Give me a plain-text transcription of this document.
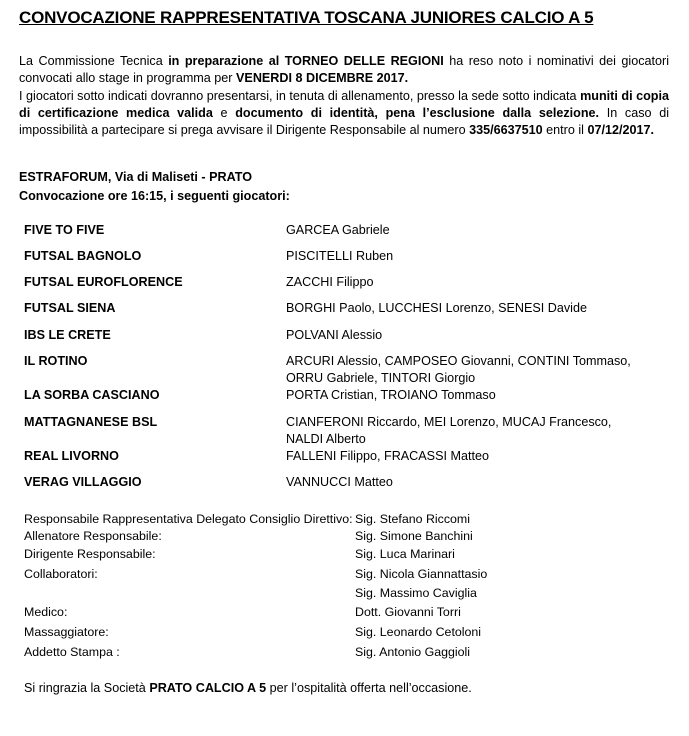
CONVOCAZIONE RAPPRESENTATIVA TOSCANA JUNIORES CALCIO A 5

La Commissione Tecnica in preparazione al TORNEO DELLE REGIONI ha reso noto i nominativi dei giocatori convocati allo stage in programma per VENERDI 8 DICEMBRE 2017.

I giocatori sotto indicati dovranno presentarsi, in tenuta di allenamento, presso la sede sotto indicata muniti di copia di certificazione medica valida e documento di identità, pena l’esclusione dalla selezione. In caso di impossibilità a partecipare si prega avvisare il Dirigente Responsabile al numero 335/6637510 entro il 07/12/2017.

ESTRAFORUM, Via di Maliseti - PRATO
Convocazione ore 16:15, i seguenti giocatori:
FIVE TO FIVE	GARCEA Gabriele
FUTSAL BAGNOLO	PISCITELLI Ruben
FUTSAL EUROFLORENCE	ZACCHI Filippo
FUTSAL SIENA	BORGHI Paolo, LUCCHESI Lorenzo, SENESI Davide
IBS LE CRETE	POLVANI Alessio
IL ROTINO	ARCURI Alessio, CAMPOSEO Giovanni, CONTINI Tommaso, ORRU Gabriele, TINTORI Giorgio
LA SORBA CASCIANO	PORTA Cristian, TROIANO Tommaso
MATTAGNANESE BSL	CIANFERONI Riccardo, MEI Lorenzo, MUCAJ Francesco, NALDI Alberto
REAL LIVORNO	FALLENI Filippo, FRACASSI Matteo
VERAG VILLAGGIO	VANNUCCI Matteo
Responsabile Rappresentativa Delegato Consiglio Direttivo: Sig. Stefano Riccomi
Allenatore Responsabile:	Sig. Simone Banchini
Dirigente Responsabile:	Sig. Luca Marinari
Collaboratori:	Sig. Nicola Giannattasio
Sig. Massimo Caviglia
Medico:	Dott. Giovanni Torri
Massaggiatore:	Sig. Leonardo Cetoloni
Addetto Stampa :	Sig. Antonio Gaggioli
Si ringrazia la Società PRATO CALCIO A 5 per l’ospitalità offerta nell’occasione.
